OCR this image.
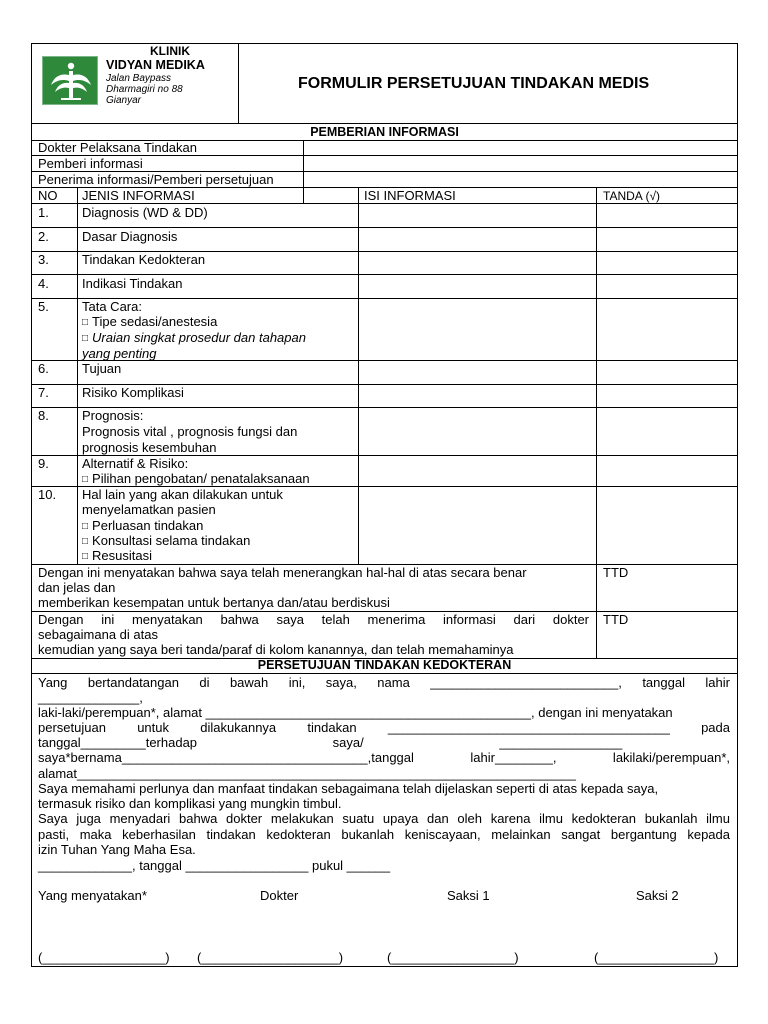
KLINIK
VIDYAN MEDIKA
Jalan Baypass
Dharmagiri no 88
Gianyar
FORMULIR PERSETUJUAN TINDAKAN MEDIS
PEMBERIAN INFORMASI
Dokter Pelaksana Tindakan
Pemberi informasi
Penerima informasi/Pemberi persetujuan
NO JENIS INFORMASI	ISI INFORMASI	TANDA (√)
1.	Diagnosis (WD & DD)
2.	Dasar Diagnosis
3.	Tindakan Kedokteran
4.	Indikasi Tindakan
5.	Tata Cara:
□ Tipe sedasi/anestesia
□ Uraian singkat prosedur dan tahapan
yang penting
6.	Tujuan
7.	Risiko Komplikasi
8.	Prognosis:
Prognosis vital , prognosis fungsi dan
prognosis kesembuhan
9.	Alternatif & Risiko:
□ Pilihan pengobatan/ penatalaksanaan
10. Hal lain yang akan dilakukan untuk
menyelamatkan pasien
□ Perluasan tindakan
□ Konsultasi selama tindakan
□ Resusitasi
Dengan ini menyatakan bahwa saya telah menerangkan hal-hal di atas secara benar
dan jelas dan
memberikan kesempatan untuk bertanya dan/atau berdiskusi
TTD
Dengan ini menyatakan bahwa saya telah menerima informasi dari dokter
sebagaimana di atas
kemudian yang saya beri tanda/paraf di kolom kanannya, dan telah memahaminya
TTD
PERSETUJUAN TINDAKAN KEDOKTERAN
Yang bertandatangan di bawah ini, saya, nama __________________________, tanggal lahir
______________,
laki-laki/perempuan*, alamat _____________________________________________, dengan ini menyatakan
persetujuan untuk dilakukannya tindakan _______________________________________ pada
tanggal_________terhadap saya/ _________________
saya*bernama__________________________________,tanggal lahir________, lakilaki/perempuan*,
alamat_____________________________________________________________________
Saya memahami perlunya dan manfaat tindakan sebagaimana telah dijelaskan seperti di atas kepada saya,
termasuk risiko dan komplikasi yang mungkin timbul.
Saya juga menyadari bahwa dokter melakukan suatu upaya dan oleh karena ilmu kedokteran bukanlah ilmu
pasti, maka keberhasilan tindakan kedokteran bukanlah keniscayaan, melainkan sangat bergantung kepada
izin Tuhan Yang Maha Esa.
_____________, tanggal _________________ pukul ______
Yang menyatakan*	Dokter	Saksi 1	Saksi 2
(_________________) (___________________)	(_________________)	(________________)
